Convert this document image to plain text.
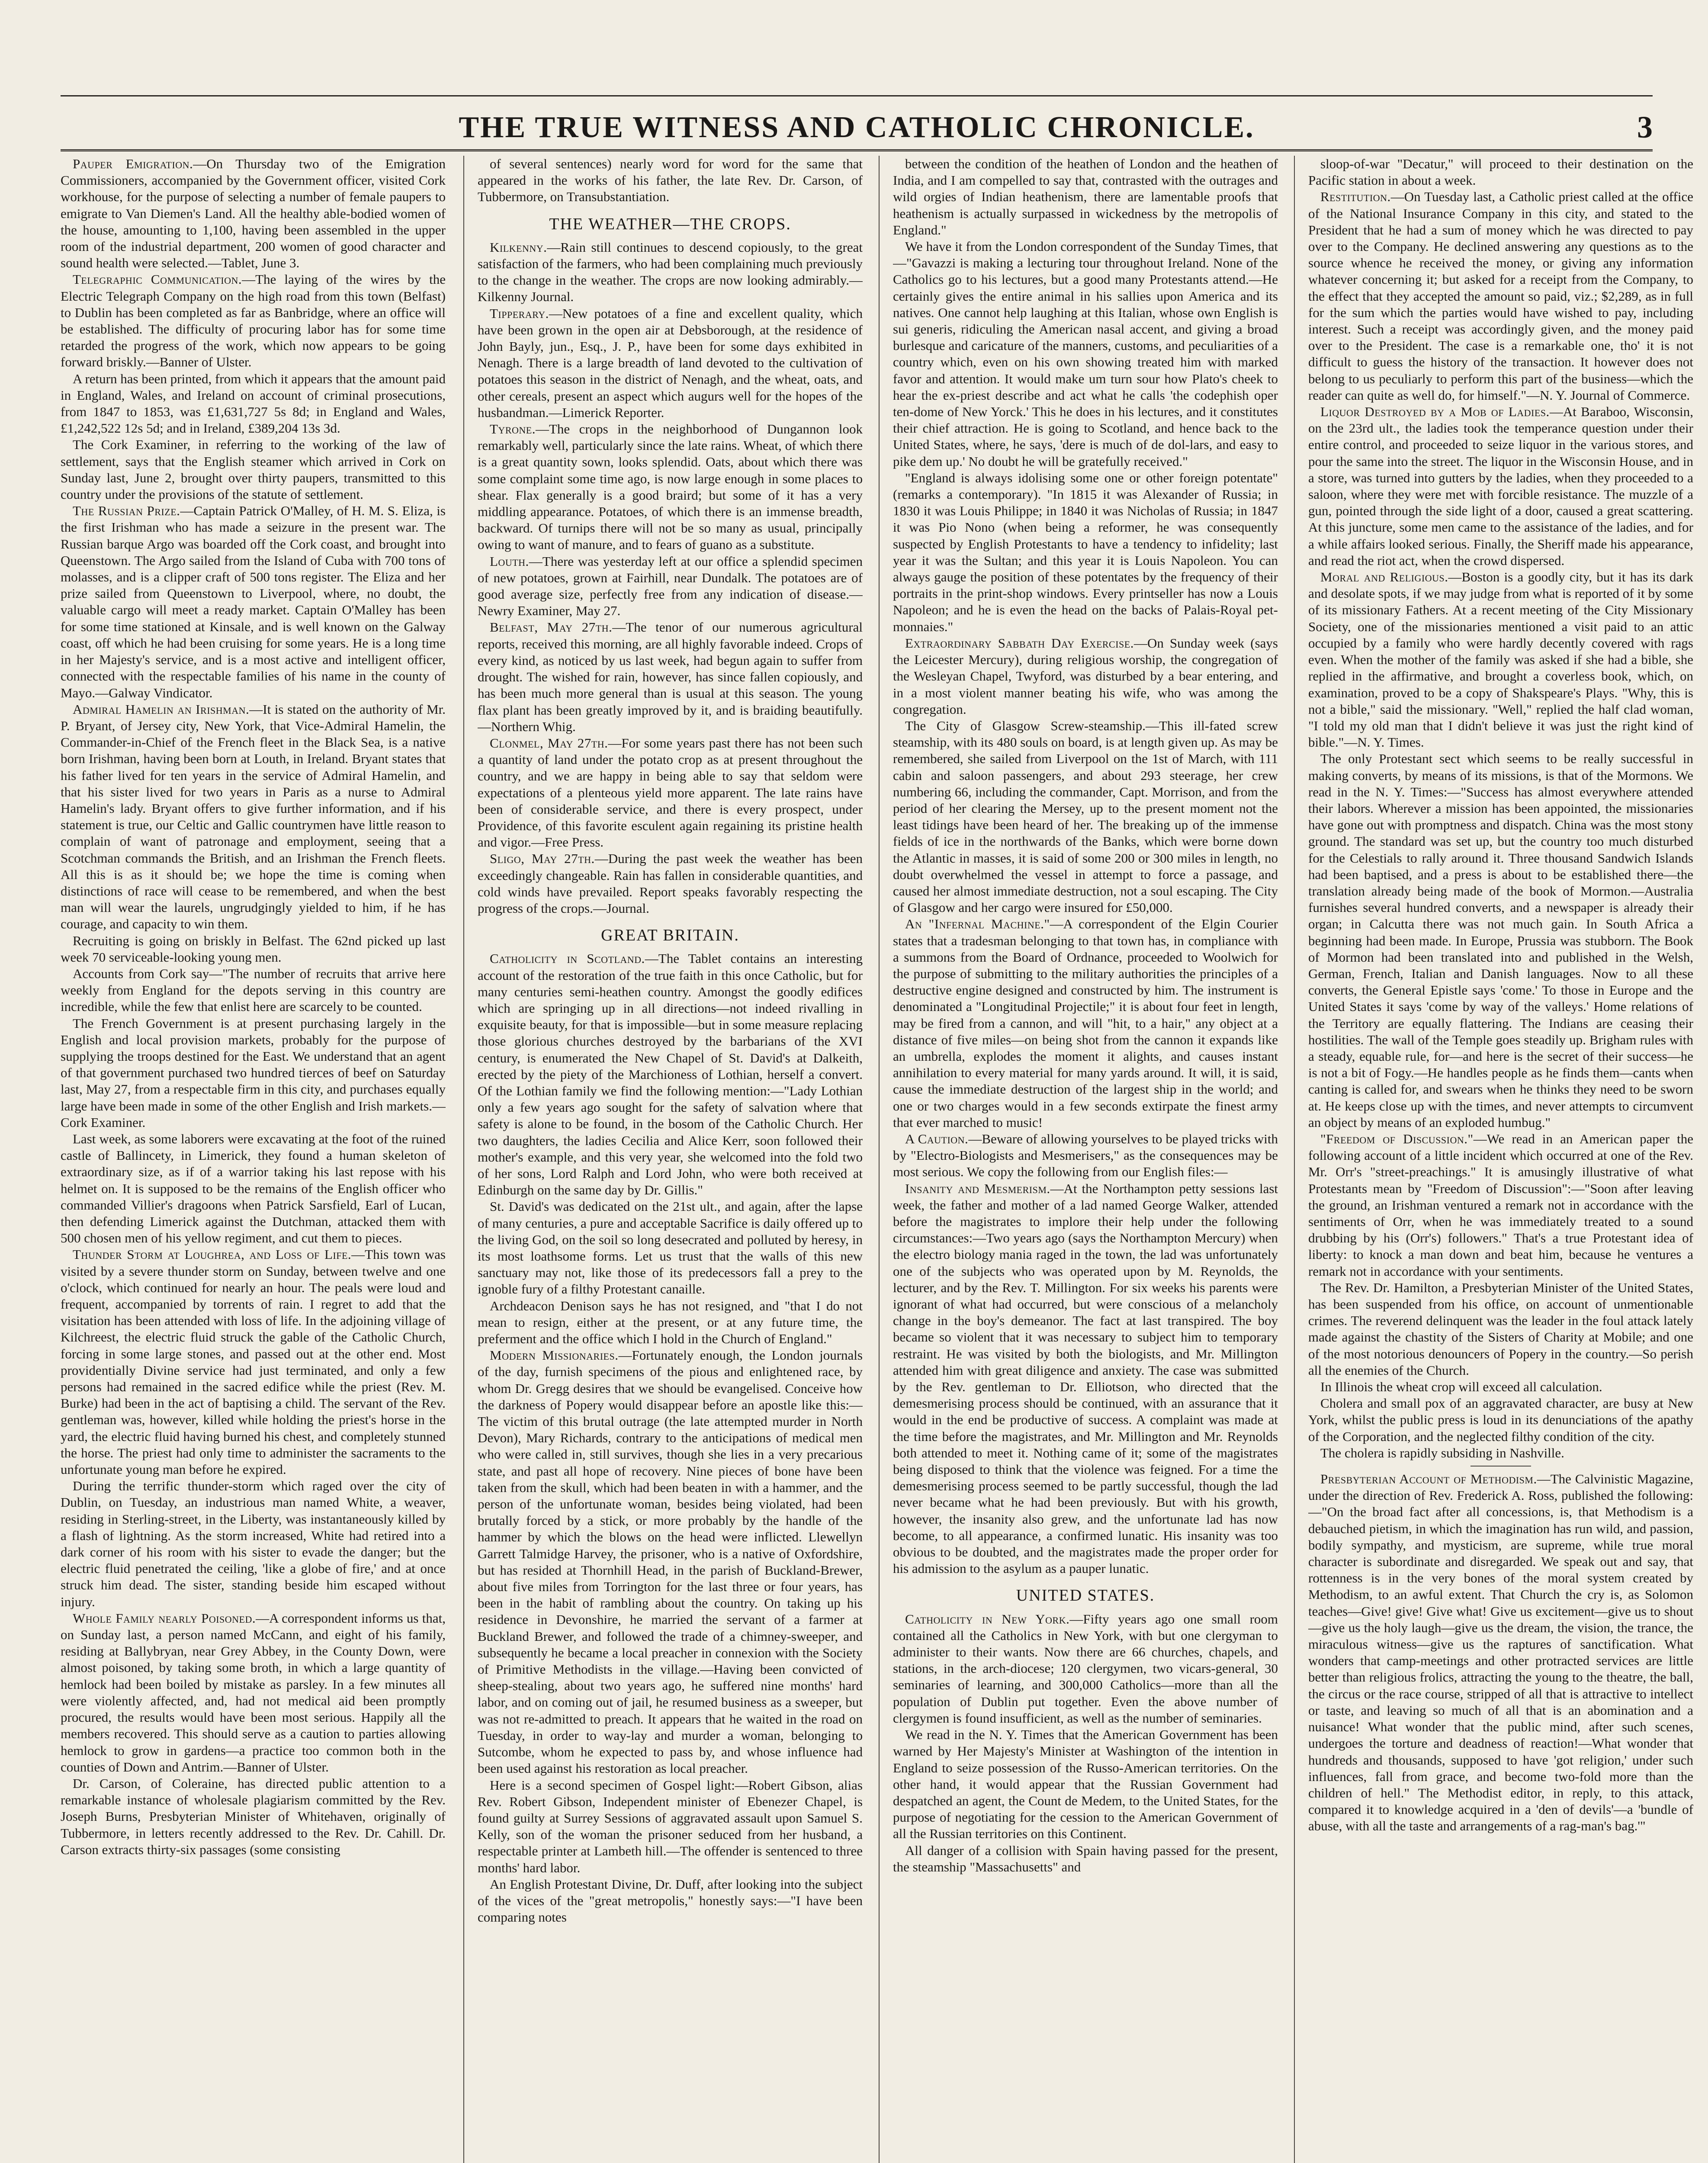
THE TRUE WITNESS AND CATHOLIC CHRONICLE.	3

Pauper Emigration.—On Thursday two of the Emigration Commissioners, accompanied by the Government officer, visited Cork workhouse, for the purpose of selecting a number of female paupers to emigrate to Van Diemen's Land. All the healthy able-bodied women of the house, amounting to 1,100, having been assembled in the upper room of the industrial department, 200 women of good character and sound health were selected.—Tablet, June 3.

Telegraphic Communication.—The laying of the wires by the Electric Telegraph Company on the high road from this town (Belfast) to Dublin has been completed as far as Banbridge, where an office will be established. The difficulty of procuring labor has for some time retarded the progress of the work, which now appears to be going forward briskly.—Banner of Ulster.

A return has been printed, from which it appears that the amount paid in England, Wales, and Ireland on account of criminal prosecutions, from 1847 to 1853, was £1,631,727 5s 8d; in England and Wales, £1,242,522 12s 5d; and in Ireland, £389,204 13s 3d.

The Cork Examiner, in referring to the working of the law of settlement, says that the English steamer which arrived in Cork on Sunday last, June 2, brought over thirty paupers, transmitted to this country under the provisions of the statute of settlement.

The Russian Prize.—Captain Patrick O'Malley, of H. M. S. Eliza, is the first Irishman who has made a seizure in the present war. The Russian barque Argo was boarded off the Cork coast, and brought into Queenstown. The Argo sailed from the Island of Cuba with 700 tons of molasses, and is a clipper craft of 500 tons register. The Eliza and her prize sailed from Queenstown to Liverpool, where, no doubt, the valuable cargo will meet a ready market. Captain O'Malley has been for some time stationed at Kinsale, and is well known on the Galway coast, off which he had been cruising for some years. He is a long time in her Majesty's service, and is a most active and intelligent officer, connected with the respectable families of his name in the county of Mayo.—Galway Vindicator.

Admiral Hamelin an Irishman.—It is stated on the authority of Mr. P. Bryant, of Jersey city, New York, that Vice-Admiral Hamelin, the Commander-in-Chief of the French fleet in the Black Sea, is a native born Irishman, having been born at Louth, in Ireland. Bryant states that his father lived for ten years in the service of Admiral Hamelin, and that his sister lived for two years in Paris as a nurse to Admiral Hamelin's lady. Bryant offers to give further information, and if his statement is true, our Celtic and Gallic countrymen have little reason to complain of want of patronage and employment, seeing that a Scotchman commands the British, and an Irishman the French fleets. All this is as it should be; we hope the time is coming when distinctions of race will cease to be remembered, and when the best man will wear the laurels, ungrudgingly yielded to him, if he has courage, and capacity to win them.

Recruiting is going on briskly in Belfast. The 62nd picked up last week 70 serviceable-looking young men.

Accounts from Cork say—"The number of recruits that arrive here weekly from England for the depots serving in this country are incredible, while the few that enlist here are scarcely to be counted.

The French Government is at present purchasing largely in the English and local provision markets, probably for the purpose of supplying the troops destined for the East. We understand that an agent of that government purchased two hundred tierces of beef on Saturday last, May 27, from a respectable firm in this city, and purchases equally large have been made in some of the other English and Irish markets.—Cork Examiner.

Last week, as some laborers were excavating at the foot of the ruined castle of Ballincety, in Limerick, they found a human skeleton of extraordinary size, as if of a warrior taking his last repose with his helmet on. It is supposed to be the remains of the English officer who commanded Villier's dragoons when Patrick Sarsfield, Earl of Lucan, then defending Limerick against the Dutchman, attacked them with 500 chosen men of his yellow regiment, and cut them to pieces.

Thunder Storm at Loughrea, and Loss of Life.—This town was visited by a severe thunder storm on Sunday, between twelve and one o'clock, which continued for nearly an hour. The peals were loud and frequent, accompanied by torrents of rain. I regret to add that the visitation has been attended with loss of life. In the adjoining village of Kilchreest, the electric fluid struck the gable of the Catholic Church, forcing in some large stones, and passed out at the other end. Most providentially Divine service had just terminated, and only a few persons had remained in the sacred edifice while the priest (Rev. M. Burke) had been in the act of baptising a child. The servant of the Rev. gentleman was, however, killed while holding the priest's horse in the yard, the electric fluid having burned his chest, and completely stunned the horse. The priest had only time to administer the sacraments to the unfortunate young man before he expired.

During the terrific thunder-storm which raged over the city of Dublin, on Tuesday, an industrious man named White, a weaver, residing in Sterling-street, in the Liberty, was instantaneously killed by a flash of lightning. As the storm increased, White had retired into a dark corner of his room with his sister to evade the danger; but the electric fluid penetrated the ceiling, 'like a globe of fire,' and at once struck him dead. The sister, standing beside him escaped without injury.

Whole Family nearly Poisoned.—A correspondent informs us that, on Sunday last, a person named McCann, and eight of his family, residing at Ballybryan, near Grey Abbey, in the County Down, were almost poisoned, by taking some broth, in which a large quantity of hemlock had been boiled by mistake as parsley. In a few minutes all were violently affected, and, had not medical aid been promptly procured, the results would have been most serious. Happily all the members recovered. This should serve as a caution to parties allowing hemlock to grow in gardens—a practice too common both in the counties of Down and Antrim.—Banner of Ulster.

Dr. Carson, of Coleraine, has directed public attention to a remarkable instance of wholesale plagiarism committed by the Rev. Joseph Burns, Presbyterian Minister of Whitehaven, originally of Tubbermore, in letters recently addressed to the Rev. Dr. Cahill. Dr. Carson extracts thirty-six passages (some consisting

of several sentences) nearly word for word for the same that appeared in the works of his father, the late Rev. Dr. Carson, of Tubbermore, on Transubstantiation.

THE WEATHER—THE CROPS.

Kilkenny.—Rain still continues to descend copiously, to the great satisfaction of the farmers, who had been complaining much previously to the change in the weather. The crops are now looking admirably.—Kilkenny Journal.

Tipperary.—New potatoes of a fine and excellent quality, which have been grown in the open air at Debsborough, at the residence of John Bayly, jun., Esq., J. P., have been for some days exhibited in Nenagh. There is a large breadth of land devoted to the cultivation of potatoes this season in the district of Nenagh, and the wheat, oats, and other cereals, present an aspect which augurs well for the hopes of the husbandman.—Limerick Reporter.

Tyrone.—The crops in the neighborhood of Dungannon look remarkably well, particularly since the late rains. Wheat, of which there is a great quantity sown, looks splendid. Oats, about which there was some complaint some time ago, is now large enough in some places to shear. Flax generally is a good braird; but some of it has a very middling appearance. Potatoes, of which there is an immense breadth, backward. Of turnips there will not be so many as usual, principally owing to want of manure, and to fears of guano as a substitute.

Louth.—There was yesterday left at our office a splendid specimen of new potatoes, grown at Fairhill, near Dundalk. The potatoes are of good average size, perfectly free from any indication of disease.—Newry Examiner, May 27.

Belfast, May 27th.—The tenor of our numerous agricultural reports, received this morning, are all highly favorable indeed. Crops of every kind, as noticed by us last week, had begun again to suffer from drought. The wished for rain, however, has since fallen copiously, and has been much more general than is usual at this season. The young flax plant has been greatly improved by it, and is braiding beautifully.—Northern Whig.

Clonmel, May 27th.—For some years past there has not been such a quantity of land under the potato crop as at present throughout the country, and we are happy in being able to say that seldom were expectations of a plenteous yield more apparent. The late rains have been of considerable service, and there is every prospect, under Providence, of this favorite esculent again regaining its pristine health and vigor.—Free Press.

Sligo, May 27th.—During the past week the weather has been exceedingly changeable. Rain has fallen in considerable quantities, and cold winds have prevailed. Report speaks favorably respecting the progress of the crops.—Journal.

GREAT BRITAIN.

Catholicity in Scotland.—The Tablet contains an interesting account of the restoration of the true faith in this once Catholic, but for many centuries semi-heathen country. Amongst the goodly edifices which are springing up in all directions—not indeed rivalling in exquisite beauty, for that is impossible—but in some measure replacing those glorious churches destroyed by the barbarians of the XVI century, is enumerated the New Chapel of St. David's at Dalkeith, erected by the piety of the Marchioness of Lothian, herself a convert. Of the Lothian family we find the following mention:—"Lady Lothian only a few years ago sought for the safety of salvation where that safety is alone to be found, in the bosom of the Catholic Church. Her two daughters, the ladies Cecilia and Alice Kerr, soon followed their mother's example, and this very year, she welcomed into the fold two of her sons, Lord Ralph and Lord John, who were both received at Edinburgh on the same day by Dr. Gillis."

St. David's was dedicated on the 21st ult., and again, after the lapse of many centuries, a pure and acceptable Sacrifice is daily offered up to the living God, on the soil so long desecrated and polluted by heresy, in its most loathsome forms. Let us trust that the walls of this new sanctuary may not, like those of its predecessors fall a prey to the ignoble fury of a filthy Protestant canaille.

Archdeacon Denison says he has not resigned, and "that I do not mean to resign, either at the present, or at any future time, the preferment and the office which I hold in the Church of England."

Modern Missionaries.—Fortunately enough, the London journals of the day, furnish specimens of the pious and enlightened race, by whom Dr. Gregg desires that we should be evangelised. Conceive how the darkness of Popery would disappear before an apostle like this:—The victim of this brutal outrage (the late attempted murder in North Devon), Mary Richards, contrary to the anticipations of medical men who were called in, still survives, though she lies in a very precarious state, and past all hope of recovery. Nine pieces of bone have been taken from the skull, which had been beaten in with a hammer, and the person of the unfortunate woman, besides being violated, had been brutally forced by a stick, or more probably by the handle of the hammer by which the blows on the head were inflicted. Llewellyn Garrett Talmidge Harvey, the prisoner, who is a native of Oxfordshire, but has resided at Thornhill Head, in the parish of Buckland-Brewer, about five miles from Torrington for the last three or four years, has been in the habit of rambling about the country. On taking up his residence in Devonshire, he married the servant of a farmer at Buckland Brewer, and followed the trade of a chimney-sweeper, and subsequently he became a local preacher in connexion with the Society of Primitive Methodists in the village.—Having been convicted of sheep-stealing, about two years ago, he suffered nine months' hard labor, and on coming out of jail, he resumed business as a sweeper, but was not re-admitted to preach. It appears that he waited in the road on Tuesday, in order to way-lay and murder a woman, belonging to Sutcombe, whom he expected to pass by, and whose influence had been used against his restoration as local preacher.

Here is a second specimen of Gospel light:—Robert Gibson, alias Rev. Robert Gibson, Independent minister of Ebenezer Chapel, is found guilty at Surrey Sessions of aggravated assault upon Samuel S. Kelly, son of the woman the prisoner seduced from her husband, a respectable printer at Lambeth hill.—The offender is sentenced to three months' hard labor.

An English Protestant Divine, Dr. Duff, after looking into the subject of the vices of the "great metropolis," honestly says:—"I have been comparing notes

between the condition of the heathen of London and the heathen of India, and I am compelled to say that, contrasted with the outrages and wild orgies of Indian heathenism, there are lamentable proofs that heathenism is actually surpassed in wickedness by the metropolis of England."

We have it from the London correspondent of the Sunday Times, that—"Gavazzi is making a lecturing tour throughout Ireland. None of the Catholics go to his lectures, but a good many Protestants attend.—He certainly gives the entire animal in his sallies upon America and its natives. One cannot help laughing at this Italian, whose own English is sui generis, ridiculing the American nasal accent, and giving a broad burlesque and caricature of the manners, customs, and peculiarities of a country which, even on his own showing treated him with marked favor and attention. It would make um turn sour how Plato's cheek to hear the ex-priest describe and act what he calls 'the codephish oper ten-dome of New Yorck.' This he does in his lectures, and it constitutes their chief attraction. He is going to Scotland, and hence back to the United States, where, he says, 'dere is much of de dol-lars, and easy to pike dem up.' No doubt he will be gratefully received."

"England is always idolising some one or other foreign potentate" (remarks a contemporary). "In 1815 it was Alexander of Russia; in 1830 it was Louis Philippe; in 1840 it was Nicholas of Russia; in 1847 it was Pio Nono (when being a reformer, he was consequently suspected by English Protestants to have a tendency to infidelity; last year it was the Sultan; and this year it is Louis Napoleon. You can always gauge the position of these potentates by the frequency of their portraits in the print-shop windows. Every printseller has now a Louis Napoleon; and he is even the head on the backs of Palais-Royal pet-monnaies."

Extraordinary Sabbath Day Exercise.—On Sunday week (says the Leicester Mercury), during religious worship, the congregation of the Wesleyan Chapel, Twyford, was disturbed by a bear entering, and in a most violent manner beating his wife, who was among the congregation.

The City of Glasgow Screw-steamship.—This ill-fated screw steamship, with its 480 souls on board, is at length given up. As may be remembered, she sailed from Liverpool on the 1st of March, with 111 cabin and saloon passengers, and about 293 steerage, her crew numbering 66, including the commander, Capt. Morrison, and from the period of her clearing the Mersey, up to the present moment not the least tidings have been heard of her. The breaking up of the immense fields of ice in the northwards of the Banks, which were borne down the Atlantic in masses, it is said of some 200 or 300 miles in length, no doubt overwhelmed the vessel in attempt to force a passage, and caused her almost immediate destruction, not a soul escaping. The City of Glasgow and her cargo were insured for £50,000.

An "Infernal Machine."—A correspondent of the Elgin Courier states that a tradesman belonging to that town has, in compliance with a summons from the Board of Ordnance, proceeded to Woolwich for the purpose of submitting to the military authorities the principles of a destructive engine designed and constructed by him. The instrument is denominated a "Longitudinal Projectile;" it is about four feet in length, may be fired from a cannon, and will "hit, to a hair," any object at a distance of five miles—on being shot from the cannon it expands like an umbrella, explodes the moment it alights, and causes instant annihilation to every material for many yards around. It will, it is said, cause the immediate destruction of the largest ship in the world; and one or two charges would in a few seconds extirpate the finest army that ever marched to music!

A Caution.—Beware of allowing yourselves to be played tricks with by "Electro-Biologists and Mesmerisers," as the consequences may be most serious. We copy the following from our English files:—

Insanity and Mesmerism.—At the Northampton petty sessions last week, the father and mother of a lad named George Walker, attended before the magistrates to implore their help under the following circumstances:—Two years ago (says the Northampton Mercury) when the electro biology mania raged in the town, the lad was unfortunately one of the subjects who was operated upon by M. Reynolds, the lecturer, and by the Rev. T. Millington. For six weeks his parents were ignorant of what had occurred, but were conscious of a melancholy change in the boy's demeanor. The fact at last transpired. The boy became so violent that it was necessary to subject him to temporary restraint. He was visited by both the biologists, and Mr. Millington attended him with great diligence and anxiety. The case was submitted by the Rev. gentleman to Dr. Elliotson, who directed that the demesmerising process should be continued, with an assurance that it would in the end be productive of success. A complaint was made at the time before the magistrates, and Mr. Millington and Mr. Reynolds both attended to meet it. Nothing came of it; some of the magistrates being disposed to think that the violence was feigned. For a time the demesmerising process seemed to be partly successful, though the lad never became what he had been previously. But with his growth, however, the insanity also grew, and the unfortunate lad has now become, to all appearance, a confirmed lunatic. His insanity was too obvious to be doubted, and the magistrates made the proper order for his admission to the asylum as a pauper lunatic.

UNITED STATES.

Catholicity in New York.—Fifty years ago one small room contained all the Catholics in New York, with but one clergyman to administer to their wants. Now there are 66 churches, chapels, and stations, in the arch-diocese; 120 clergymen, two vicars-general, 30 seminaries of learning, and 300,000 Catholics—more than all the population of Dublin put together. Even the above number of clergymen is found insufficient, as well as the number of seminaries.

We read in the N. Y. Times that the American Government has been warned by Her Majesty's Minister at Washington of the intention in England to seize possession of the Russo-American territories. On the other hand, it would appear that the Russian Government had despatched an agent, the Count de Medem, to the United States, for the purpose of negotiating for the cession to the American Government of all the Russian territories on this Continent.

All danger of a collision with Spain having passed for the present, the steamship "Massachusetts" and

sloop-of-war "Decatur," will proceed to their destination on the Pacific station in about a week.

Restitution.—On Tuesday last, a Catholic priest called at the office of the National Insurance Company in this city, and stated to the President that he had a sum of money which he was directed to pay over to the Company. He declined answering any questions as to the source whence he received the money, or giving any information whatever concerning it; but asked for a receipt from the Company, to the effect that they accepted the amount so paid, viz.; $2,289, as in full for the sum which the parties would have wished to pay, including interest. Such a receipt was accordingly given, and the money paid over to the President. The case is a remarkable one, tho' it is not difficult to guess the history of the transaction. It however does not belong to us peculiarly to perform this part of the business—which the reader can quite as well do, for himself."—N. Y. Journal of Commerce.

Liquor Destroyed by a Mob of Ladies.—At Baraboo, Wisconsin, on the 23rd ult., the ladies took the temperance question under their entire control, and proceeded to seize liquor in the various stores, and pour the same into the street. The liquor in the Wisconsin House, and in a store, was turned into gutters by the ladies, when they proceeded to a saloon, where they were met with forcible resistance. The muzzle of a gun, pointed through the side light of a door, caused a great scattering. At this juncture, some men came to the assistance of the ladies, and for a while affairs looked serious. Finally, the Sheriff made his appearance, and read the riot act, when the crowd dispersed.

Moral and Religious.—Boston is a goodly city, but it has its dark and desolate spots, if we may judge from what is reported of it by some of its missionary Fathers. At a recent meeting of the City Missionary Society, one of the missionaries mentioned a visit paid to an attic occupied by a family who were hardly decently covered with rags even. When the mother of the family was asked if she had a bible, she replied in the affirmative, and brought a coverless book, which, on examination, proved to be a copy of Shakspeare's Plays. "Why, this is not a bible," said the missionary. "Well," replied the half clad woman, "I told my old man that I didn't believe it was just the right kind of bible."—N. Y. Times.

The only Protestant sect which seems to be really successful in making converts, by means of its missions, is that of the Mormons. We read in the N. Y. Times:—"Success has almost everywhere attended their labors. Wherever a mission has been appointed, the missionaries have gone out with promptness and dispatch. China was the most stony ground. The standard was set up, but the country too much disturbed for the Celestials to rally around it. Three thousand Sandwich Islands had been baptised, and a press is about to be established there—the translation already being made of the book of Mormon.—Australia furnishes several hundred converts, and a newspaper is already their organ; in Calcutta there was not much gain. In South Africa a beginning had been made. In Europe, Prussia was stubborn. The Book of Mormon had been translated into and published in the Welsh, German, French, Italian and Danish languages. Now to all these converts, the General Epistle says 'come.' To those in Europe and the United States it says 'come by way of the valleys.' Home relations of the Territory are equally flattering. The Indians are ceasing their hostilities. The wall of the Temple goes steadily up. Brigham rules with a steady, equable rule, for—and here is the secret of their success—he is not a bit of Fogy.—He handles people as he finds them—cants when canting is called for, and swears when he thinks they need to be sworn at. He keeps close up with the times, and never attempts to circumvent an object by means of an exploded humbug."

"Freedom of Discussion."—We read in an American paper the following account of a little incident which occurred at one of the Rev. Mr. Orr's "street-preachings." It is amusingly illustrative of what Protestants mean by "Freedom of Discussion":—"Soon after leaving the ground, an Irishman ventured a remark not in accordance with the sentiments of Orr, when he was immediately treated to a sound drubbing by his (Orr's) followers." That's a true Protestant idea of liberty: to knock a man down and beat him, because he ventures a remark not in accordance with your sentiments.

The Rev. Dr. Hamilton, a Presbyterian Minister of the United States, has been suspended from his office, on account of unmentionable crimes. The reverend delinquent was the leader in the foul attack lately made against the chastity of the Sisters of Charity at Mobile; and one of the most notorious denouncers of Popery in the country.—So perish all the enemies of the Church.

In Illinois the wheat crop will exceed all calculation.

Cholera and small pox of an aggravated character, are busy at New York, whilst the public press is loud in its denunciations of the apathy of the Corporation, and the neglected filthy condition of the city.

The cholera is rapidly subsiding in Nashville.

Presbyterian Account of Methodism.—The Calvinistic Magazine, under the direction of Rev. Frederick A. Ross, published the following:—"On the broad fact after all concessions, is, that Methodism is a debauched pietism, in which the imagination has run wild, and passion, bodily sympathy, and mysticism, are supreme, while true moral character is subordinate and disregarded. We speak out and say, that rottenness is in the very bones of the moral system created by Methodism, to an awful extent. That Church the cry is, as Solomon teaches—Give! give! Give what! Give us excitement—give us to shout—give us the holy laugh—give us the dream, the vision, the trance, the miraculous witness—give us the raptures of sanctification. What wonders that camp-meetings and other protracted services are little better than religious frolics, attracting the young to the theatre, the ball, the circus or the race course, stripped of all that is attractive to intellect or taste, and leaving so much of all that is an abomination and a nuisance! What wonder that the public mind, after such scenes, undergoes the torture and deadness of reaction!—What wonder that hundreds and thousands, supposed to have 'got religion,' under such influences, fall from grace, and become two-fold more than the children of hell." The Methodist editor, in reply, to this attack, compared it to knowledge acquired in a 'den of devils'—a 'bundle of abuse, with all the taste and arrangements of a rag-man's bag.'"
